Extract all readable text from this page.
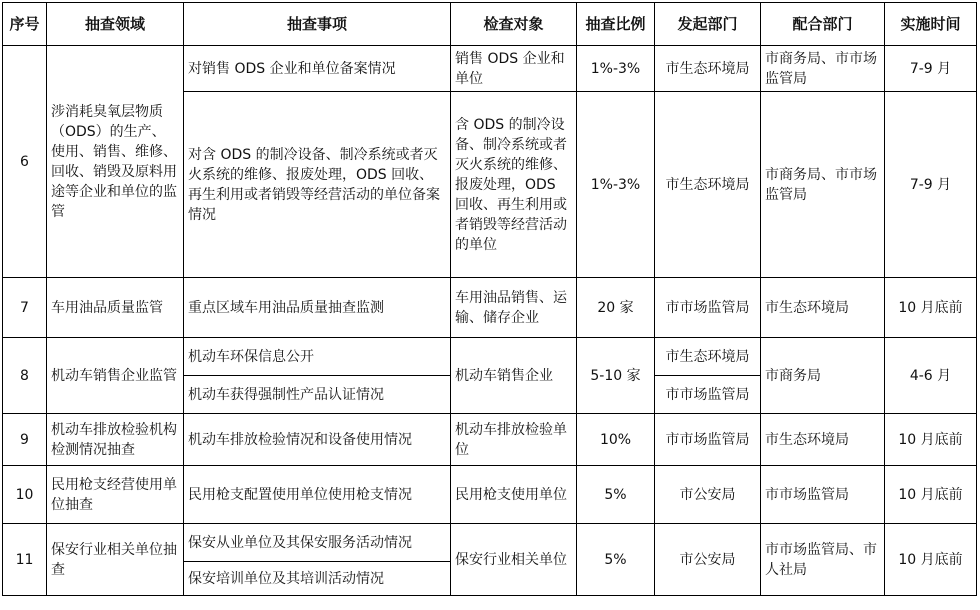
序号	抽查领域	抽查事项	检查对象	抽查比例	发起部门	配合部门	实施时间
6	涉消耗臭氧层物质（ODS）的生产、使用、销售、维修、回收、销毁及原料用途等企业和单位的监管	对销售 ODS 企业和单位备案情况	销售 ODS 企业和单位	1%-3%	市生态环境局	市商务局、市市场监管局	7-9 月
		对含 ODS 的制冷设备、制冷系统或者灭火系统的维修、报废处理，ODS 回收、再生利用或者销毁等经营活动的单位备案情况	含 ODS 的制冷设备、制冷系统或者灭火系统的维修、报废处理，ODS 回收、再生利用或者销毁等经营活动的单位	1%-3%	市生态环境局	市商务局、市市场监管局	7-9 月
7	车用油品质量监管	重点区域车用油品质量抽查监测	车用油品销售、运输、储存企业	20 家	市市场监管局	市生态环境局	10 月底前
8	机动车销售企业监管	机动车环保信息公开	机动车销售企业	5-10 家	市生态环境局	市商务局	4-6 月
		机动车获得强制性产品认证情况			市市场监管局		
9	机动车排放检验机构检测情况抽查	机动车排放检验情况和设备使用情况	机动车排放检验单位	10%	市市场监管局	市生态环境局	10 月底前
10	民用枪支经营使用单位抽查	民用枪支配置使用单位使用枪支情况	民用枪支使用单位	5%	市公安局	市市场监管局	10 月底前
11	保安行业相关单位抽查	保安从业单位及其保安服务活动情况	保安行业相关单位	5%	市公安局	市市场监管局、市人社局	10 月底前
		保安培训单位及其培训活动情况					
